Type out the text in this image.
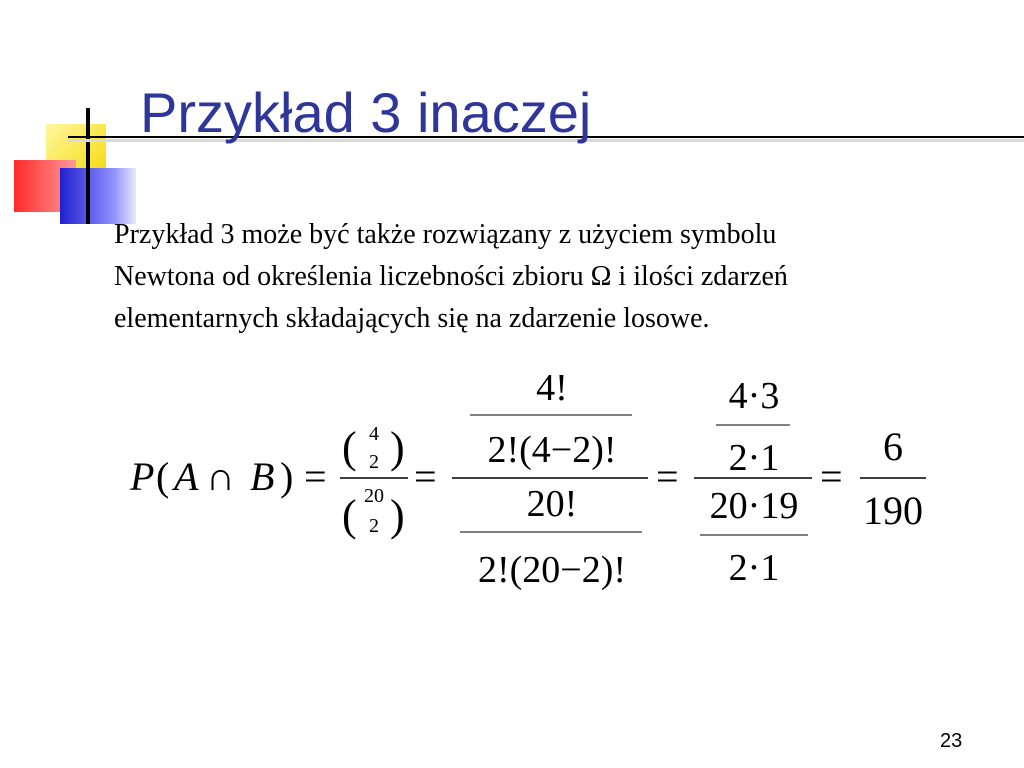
Przykład 3 inaczej
Przykład 3 może być także rozwiązany z użyciem symbolu
Newtona od określenia liczebności zbioru Ω i ilości zdarzeń
elementarnych składających się na zdarzenie losowe.
P ( A ∩ B ) =
( 4
2 )
( 20
2 )
=
4!
2!(4−2)!
20!
2!(20−2)!
=
4·3
2·1
20·19
2·1
=
6
190
23
